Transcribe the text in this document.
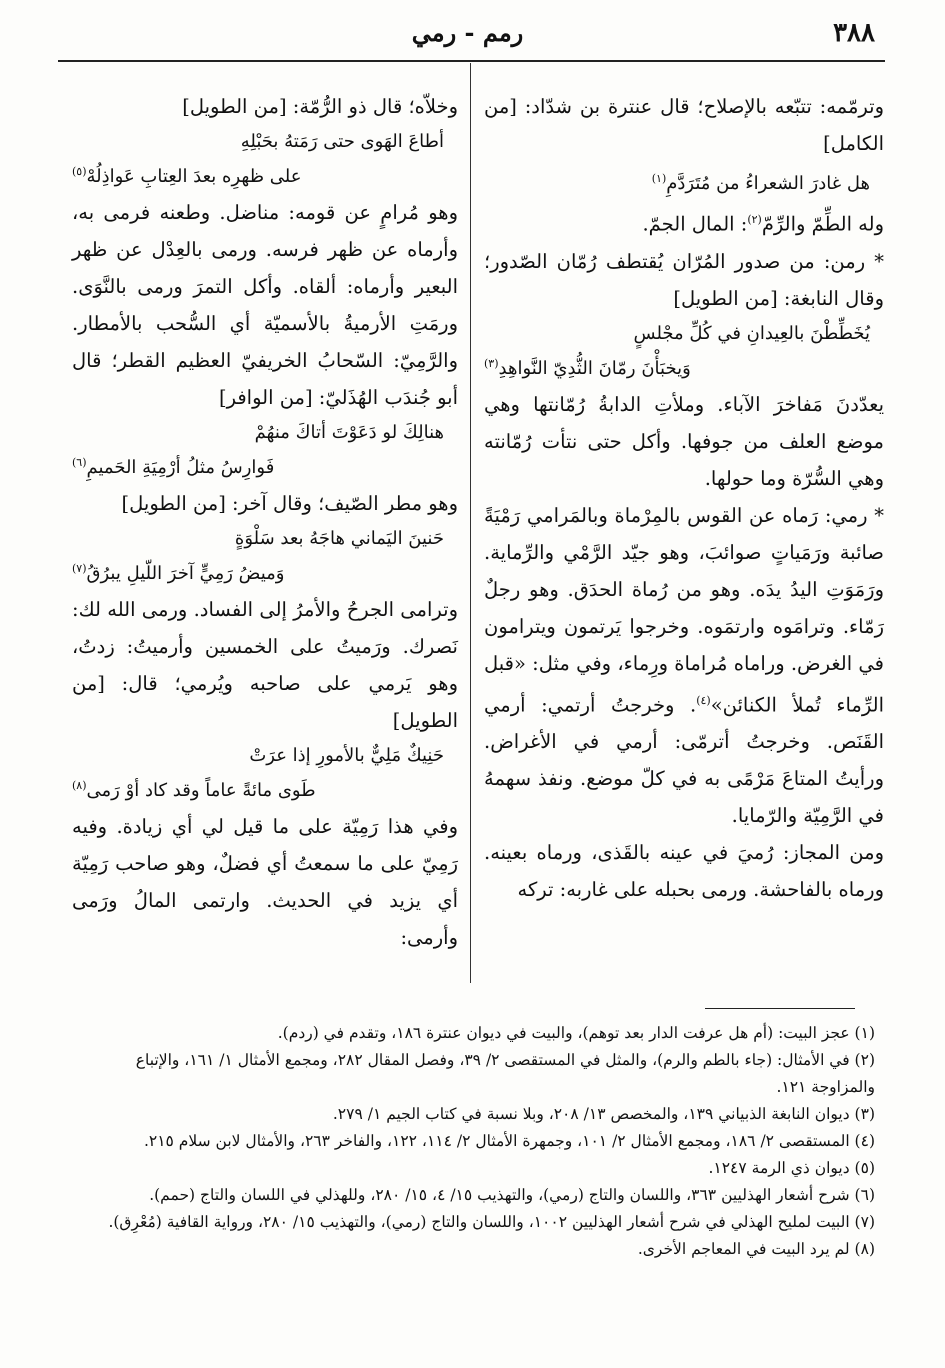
٣٨٨
رمم - رمي

وترمّمه: تتبّعه بالإصلاح؛ قال عنترة بن شدّاد: [من الكامل]

هل غادرَ الشعراءُ من مُتَرَدَّمِ$^{(١)}$

وله الطِّمّ والرِّمّ$^{(٢)}$: المال الجمّ.

* رمن: من صدور المُرّان يُقتطف رُمّان الصّدور؛ وقال النابغة: [من الطويل]

يُخَطِّطْنَ بالعِيدانِ في كُلِّ مجْلسٍ
وَيخبَأْنَ رمّانَ الثُّدِيّ النَّواهِدِ$^{(٣)}$

يعدّدنَ مَفاخرَ الآباء. وملأتِ الدابةُ رُمّانتها وهي موضع العلف من جوفها. وأكل حتى نتأت رُمّانته وهي السُّرّة وما حولها.

* رمي: رَماه عن القوس بالمِرْماة وبالمَرامي رَمْيَةً صائبة ورَمَياتٍ صوائبَ، وهو جيّد الرَّمْي والرِّماية. ورَمَوَتِ اليدُ يدَه. وهو من رُماة الحدَق. وهو رجلٌ رَمّاء. وترامَوه وارتمَوه. وخرجوا يَرتمون ويترامون في الغرض. وراماه مُراماة ورِماء، وفي مثل: «قبل الرِّماء تُملأ الكنائن»$^{(٤)}$. وخرجتُ أرتمي: أرمي القَنَص. وخرجتُ أترمّى: أرمي في الأغراض. ورأيتُ المتاعَ مَرْمًى به في كلّ موضع. ونفذ سهمهُ في الرَّمِيّة والرّمايا.

ومن المجاز: رُميَ في عينه بالقَذى، ورماه بعينه. ورماه بالفاحشة. ورمى بحبله على غاربه: تركه

وخلاّه؛ قال ذو الرُّمّة: [من الطويل]

أطاعَ الهَوى حتى رَمَتهُ بحَبْلِهِ
على ظهرِه بعدَ العِتابِ عَواذِلُهْ$^{(٥)}$

وهو مُرامٍ عن قومه: مناضل. وطعنه فرمى به، وأرماه عن ظهر فرسه. ورمى بالعِدْل عن ظهر البعير وأرماه: ألقاه. وأكل التمرَ ورمى بالنَّوَى. ورمَتِ الأرميةُ بالأسميّة أي السُّحب بالأمطار. والرَّمِيّ: السّحابُ الخريفيّ العظيم القطر؛ قال أبو جُندَب الهُذَليّ: [من الوافر]

هنالِكَ لو دَعَوْتَ أتاكَ منهُمْ
فَوارِسُ مثلُ أرْمِيَةِ الحَميمِ$^{(٦)}$

وهو مطر الصّيف؛ وقال آخر: [من الطويل]

حَنينَ اليَماني هاجَهُ بعد سَلْوَةٍ
وَميضُ رَمِيٍّ آخرَ اللّيلِ يبرُقُ$^{(٧)}$

وترامى الجرحُ والأمرُ إلى الفساد. ورمى الله لك: نَصرك. ورَميتُ على الخمسين وأرميتُ: زدتُ، وهو يَرمي على صاحبه ويُرمي؛ قال: [من الطويل]

حَنِيكٌ مَلِيٌّ بالأمورِ إذا عرَتْ
طَوى مائةً عاماً وقد كاد أوْ رَمى$^{(٨)}$

وفي هذا رَمِيّة على ما قيل لي أي زيادة. وفيه رَمِيّ على ما سمعتُ أي فضلٌ، وهو صاحب رَمِيّة أي يزيد في الحديث. وارتمى المالُ ورَمى وأرمى:

(١) عجز البيت: (أم هل عرفت الدار بعد توهم)، والبيت في ديوان عنترة ١٨٦، وتقدم في (ردم).
(٢) في الأمثال: (جاء بالطم والرم)، والمثل في المستقصى ٢/ ٣٩، وفصل المقال ٢٨٢، ومجمع الأمثال ١/ ١٦١، والإتباع والمزاوجة ١٢١.
(٣) ديوان النابغة الذبياني ١٣٩، والمخصص ١٣/ ٢٠٨، وبلا نسبة في كتاب الجيم ١/ ٢٧٩.
(٤) المستقصى ٢/ ١٨٦، ومجمع الأمثال ٢/ ١٠١، وجمهرة الأمثال ٢/ ١١٤، ١٢٢، والفاخر ٢٦٣، والأمثال لابن سلام ٢١٥.
(٥) ديوان ذي الرمة ١٢٤٧.
(٦) شرح أشعار الهذليين ٣٦٣، واللسان والتاج (رمي)، والتهذيب ١٥/ ٤، ١٥/ ٢٨٠، وللهذلي في اللسان والتاج (حمم).
(٧) البيت لمليح الهذلي في شرح أشعار الهذليين ١٠٠٢، واللسان والتاج (رمي)، والتهذيب ١٥/ ٢٨٠، ورواية القافية (مُعْرِق).
(٨) لم يرد البيت في المعاجم الأخرى.
